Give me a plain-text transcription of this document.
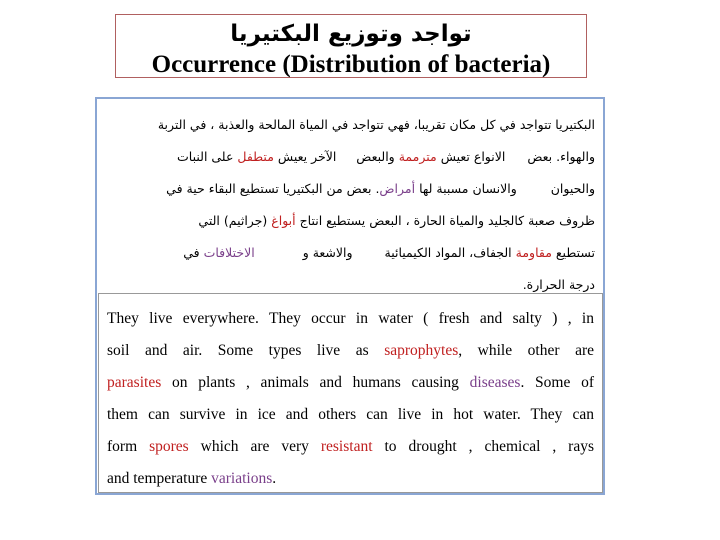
تواجد وتوزيع البكتيريا
Occurrence (Distribution of bacteria)
البكتيريا تتواجد في كل مكان تقريبا، فهي تتواجد في المياة المالحة والعذبة ، في التربة
والهواء. بعض  الانواع تعيش مترممة والبعض  الآخر يعيش متطفل على النبات
والحيوان  والانسان مسببة لها أمراض. بعض من البكتيريا تستطيع البقاء حية في
ظروف صعبة كالجليد والمياة الحارة ، البعض يستطيع انتاج أبواغ (جراثيم) التي
تستطيع مقاومة الجفاف، المواد الكيميائية  والاشعة و  الاختلافات في
درجة الحرارة.
They live everywhere. They occur in water ( fresh and salty ) , in
soil and air. Some types live as saprophytes, while other are
parasites on plants , animals and humans causing diseases. Some of
them can survive in ice and others can live in hot water. They can
form spores which are very resistant to drought , chemical , rays
and temperature variations.
